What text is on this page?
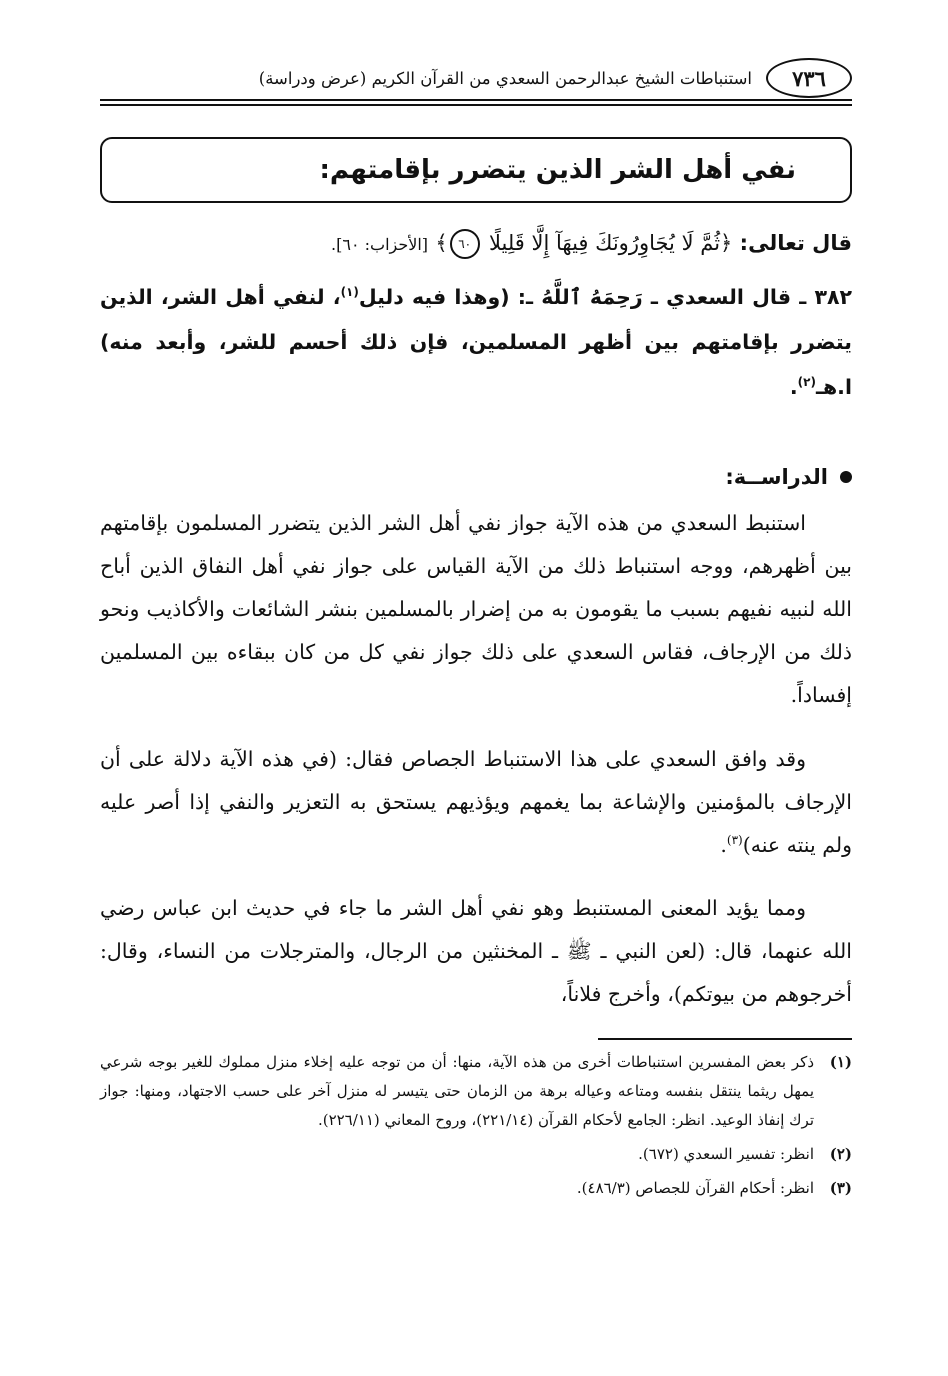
٧٣٦
استنباطات الشيخ عبدالرحمن السعدي من القرآن الكريم (عرض ودراسة)
نفي أهل الشر الذين يتضرر بإقامتهم:
قال تعالى: ﴿ثُمَّ لَا يُجَاوِرُونَكَ فِيهَآ إِلَّا قَلِيلًا ٦٠﴾ [الأحزاب: ٦٠].
٣٨٢ ـ قال السعدي ـ رَحِمَهُ ٱللَّهُ ـ: (وهذا فيه دليل$^{(١)}$، لنفي أهل الشر، الذين يتضرر بإقامتهم بين أظهر المسلمين، فإن ذلك أحسم للشر، وأبعد منه) ا.هـ$^{(٢)}$.
الدراســة:

استنبط السعدي من هذه الآية جواز نفي أهل الشر الذين يتضرر المسلمون بإقامتهم بين أظهرهم، ووجه استنباط ذلك من الآية القياس على جواز نفي أهل النفاق الذين أباح الله لنبيه نفيهم بسبب ما يقومون به من إضرار بالمسلمين بنشر الشائعات والأكاذيب ونحو ذلك من الإرجاف، فقاس السعدي على ذلك جواز نفي كل من كان ببقاءه بين المسلمين إفساداً.

وقد وافق السعدي على هذا الاستنباط الجصاص فقال: (في هذه الآية دلالة على أن الإرجاف بالمؤمنين والإشاعة بما يغمهم ويؤذيهم يستحق به التعزير والنفي إذا أصر عليه ولم ينته عنه)$^{(٣)}$.

ومما يؤيد المعنى المستنبط وهو نفي أهل الشر ما جاء في حديث ابن عباس رضي الله عنهما، قال: (لعن النبي ـ ﷺ ـ المخنثين من الرجال، والمترجلات من النساء، وقال: أخرجوهم من بيوتكم)، وأخرج فلاناً،

(١)
ذكر بعض المفسرين استنباطات أخرى من هذه الآية، منها: أن من توجه عليه إخلاء منزل مملوك للغير بوجه شرعي يمهل ريثما ينتقل بنفسه ومتاعه وعياله برهة من الزمان حتى يتيسر له منزل آخر على حسب الاجتهاد، ومنها: جواز ترك إنفاذ الوعيد. انظر: الجامع لأحكام القرآن (٢٢١/١٤)، وروح المعاني (٢٢٦/١١).
(٢)
انظر: تفسير السعدي (٦٧٢).
(٣)
انظر: أحكام القرآن للجصاص (٤٨٦/٣).
